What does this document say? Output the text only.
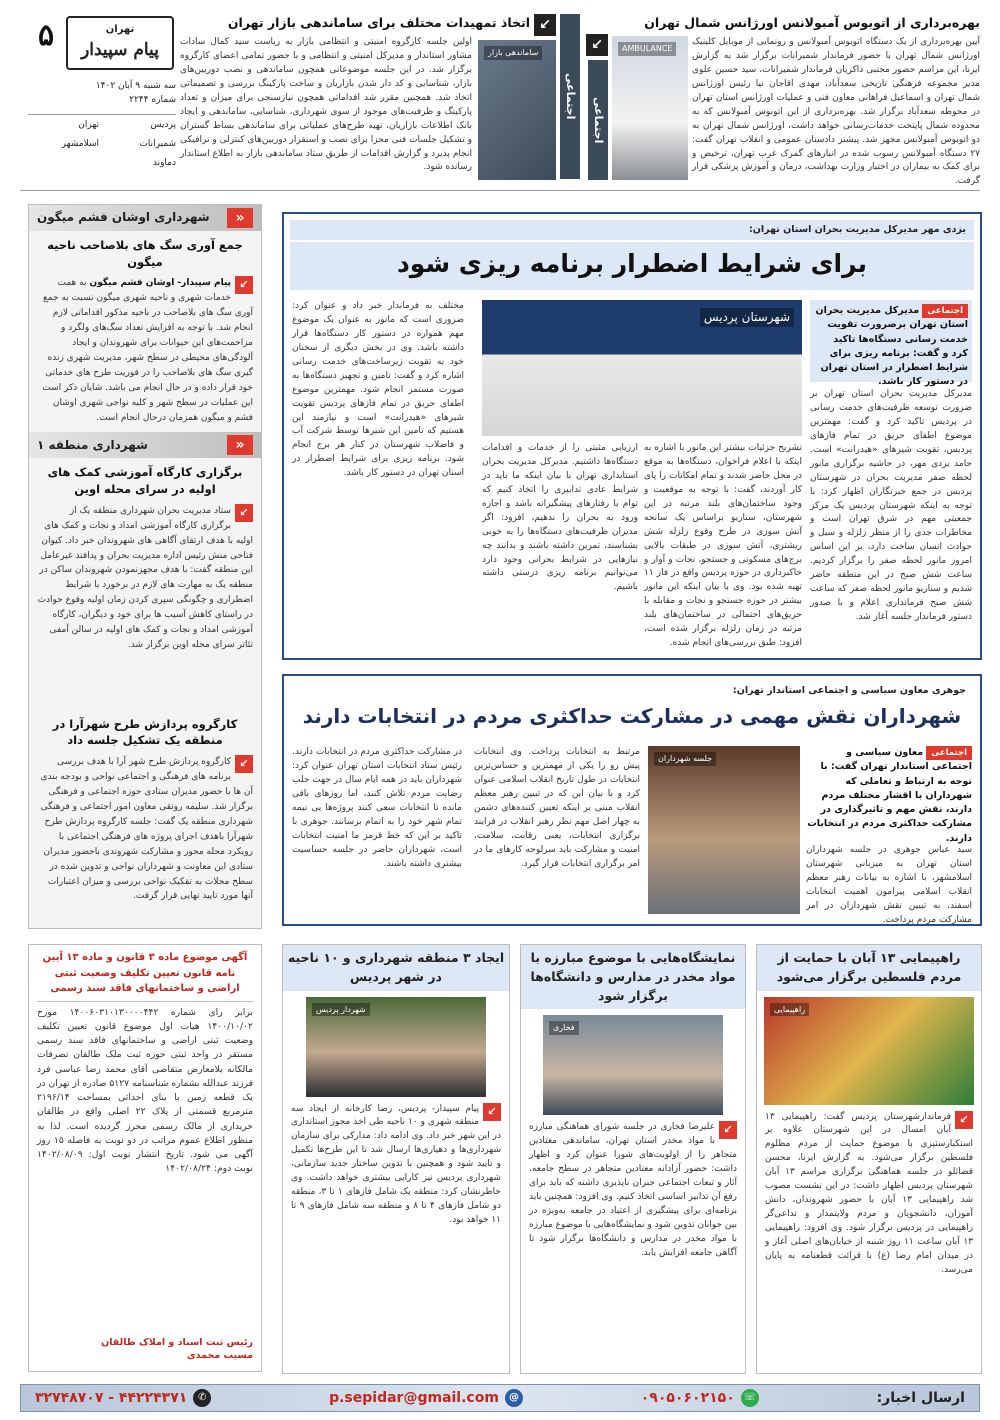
۵	تهران
پیام سپیدار
سه شنبه ۹ آبان ۱۴۰۲
شماره ۲۲۴۴
پردیس
تهران
شمیرانات
اسلامشهر
دماوند
اجتماعی
↙
ساماندهی بازار
اتخاذ تمهیدات مختلف برای ساماندهی بازار تهران
اولین جلسه کارگروه امنیتی و انتظامی بازار به ریاست سید کمال سادات مشاور استاندار و مدیرکل امنیتی و انتظامی و با حضور تمامی اعضای کارگروه برگزار شد. در این جلسه موضوعاتی همچون ساماندهی و نصب دوربین‌های بازار، شناسایی و کد دار شدن بازاریان و ساخت پارکینگ بررسی و تصمیماتی اتخاذ شد. همچنین مقرر شد اقداماتی همچون نیازسنجی برای میزان و تعداد پارکینگ و ظرفیت‌های موجود از سوی شهرداری، شناسایی، ساماندهی و ایجاد بانک اطلاعات بازاریان، تهیه طرح‌های عملیاتی برای ساماندهی بساط گستران و تشکیل جلسات فنی مجزا برای نصب و استقرار دوربین‌های کنترلی و ترافیکی انجام پذیرد و گزارش اقدامات از طریق ستاد ساماندهی بازار به اطلاع استاندار رسانده شود.
بهره‌برداری از اتوبوس آمبولانس اورژانس شمال تهران
↙
اجتماعی
AMBULANCE
آیین بهره‌برداری از یک دستگاه اتوبوس آمبولانس و رونمایی از موبایل کلینیک اورژانس شمال تهران با حضور فرماندار شمیرانات برگزار شد به گزارش ایرنا، این مراسم حضور مجتبی ذاکریان فرماندار شمیرانات، سید حسین علوی مدیر مجموعه فرهنگی تاریخی سعدآباد، مهدی اقاجان نیا رئیس اورژانس شمال تهران و اسماعیل فراهانی معاون فنی و عملیات اورژانس استان تهران در محوطه سعدآباد برگزار شد. بهره‌برداری از این اتوبوس آمبولانس که به محدوده شمال پایتخت خدمات‌رسانی خواهد داشت، اورژانس شمال تهران به دو اتوبوس آمبولانس مجهز شد. پیشتر دادستان عمومی و انقلاب تهران گفت: ۲۷ دستگاه آمبولانس رسوب شده در انبارهای گمرک غرب تهران، ترخیص و برای کمک به بیماران در اختیار وزارت بهداشت، درمان و آموزش پزشکی قرار گرفت.
«
شهرداری اوشان فشم میگون
جمع آوری سگ های بلاصاحب ناحیه میگون
↙
پیام سپیدار- اوشان فشم میگون به همت خدمات شهری و ناحیه شهری میگون نسبت به جمع آوری سگ های بلاصاحب در ناحیه مذکور اقداماتی لازم انجام شد. با توجه به افزایش تعداد سگ‌های ولگرد و مزاحمت‌های این حیوانات برای شهروندان و ایجاد آلودگی‌های محیطی در سطح شهر، مدیریت شهری زنده گیری سگ های بلاصاحب را در فوریت طرح های خدماتی خود قرار داده و در حال انجام می باشد. شایان ذکر است این عملیات در سطح شهر و کلیه نواحی شهری اوشان فشم و میگون همزمان درحال انجام است.
«
شهرداری منطقه ۱
برگزاری کارگاه آموزشی کمک های اولیه در سرای محله اوین
↙
ستاد مدیریت بحران شهرداری منطقه یک از برگزاری کارگاه آموزشی امداد و نجات و کمک های اولیه با هدف ارتقای آگاهی های شهروندان خبر داد. کیوان فتاحی منش رئیس اداره مدیریت بحران و پدافند غیرعامل این منطقه گفت: با هدف مجهزنمودن شهروندان ساکن در منطقه یک به مهارت های لازم در برخورد با شرایط اضطراری و چگونگی سپری کردن زمان اولیه وقوع حوادث در راستای کاهش آسیب ها برای خود و دیگران، کارگاه آموزشی امداد و نجات و کمک های اولیه در سالن آمفی تئاتر سرای محله اوین برگزار شد.
کارگروه پردازش طرح شهرآرا در منطقه یک تشکیل جلسه داد
↙
کارگروه پردازش طرح شهر آرا با هدف بررسی برنامه های فرهنگی و اجتماعی نواحی و بودجه بندی آن ها با حضور مدیران ستادی حوزه اجتماعی و فرهنگی برگزار شد. سلیمه رونقی معاون امور اجتماعی و فرهنگی شهرداری منطقه یک گفت: جلسه کارگروه پردازش طرح شهرآرا باهدف اجرای پروژه های فرهنگی اجتماعی با رویکرد محله محور و مشارکت شهروندی باحضور مدیران ستادی این معاونت و شهرداران نواحی و تدوین شده در سطح محلات به تفکیک نواحی بررسی و میزان اعتبارات آنها مورد تایید نهایی قرار گرفت.
یزدی مهر مدیرکل مدیریت بحران استان تهران:
برای شرایط اضطرار برنامه ریزی شود
اجتماعی مدیرکل مدیریت بحران استان تهران برضرورت تقویت خدمت رسانی دستگاه‌ها تاکید کرد و گفت: برنامه ریزی برای شرایط اضطرار در استان تهران در دستور کار باشد.
شهرستان پردیس
مدیرکل مدیریت بحران استان تهران بر ضرورت توسعه ظرفیت‌های خدمت رسانی در پردیس تاکید کرد و گفت: مهمترین موضوع اطفای حریق در تمام فازهای پردیس، تقویت شیرهای «هیدرانت» است. حامد یزدی مهر، در حاشیه برگزاری مانور لحظه صفر مدیریت بحران در شهرستان پردیس در جمع خبرنگاران اظهار کرد: با توجه به اینکه شهرستان پردیس یک مرکز جمعیتی مهم در شرق تهران است و مخاطرات جدی را از منظر زلزله و سیل و حوادث انسان ساخت دارد، بر این اساس امروز مانور لحظه صفر را برگزار کردیم. ساعت شش صبح در این منطقه حاضر شدیم و سناریو مانور لحظه صفر که ساعت شش صبح فرمانداری اعلام و با صدور دستور فرماندار جلسه آغاز شد.
تشریح جزئیات بیشتر این مانور با اشاره به اینکه با اعلام فراخوان، دستگاه‌ها به موقع در محل حاضر شدند و تمام امکانات را پای کار آوردند، گفت: با توجه به موقعیت و وجود ساختمان‌های بلند مرتبه در این شهرستان، سناریو براساس یک سانحه آتش سوزی در طرح وقوع زلزله شش ریشتری، آتش سوزی در طبقات بالایی برج‌های مسکونی و جستجو، نجات و آوار و خاکبرداری در حوزه پردیس واقع در فاز ۱۱ تهیه شده بود. وی با بیان اینکه این مانور بیشتر در حوزه جستجو و نجات و مقابله با حریق‌های احتمالی در ساختمان‌های بلند مرتبه در زمان زلزله برگزار شده است، افزود: طبق بررسی‌های انجام شده.
ارزیابی مثبتی را از خدمات و اقدامات دستگاه‌ها داشتیم. مدیرکل مدیریت بحران استانداری تهران با بیان اینکه ما باید در شرایط عادی تدابیری را اتخاذ کنیم که توام با رفتارهای پیشگیرانه باشد و اجازه ورود به بحران را ندهیم، افزود: اگر مدیران ظرفیت‌های دستگاه‌ها را به خوبی بشناسند، تمرین داشته باشند و بدانند چه نیازهایی در شرایط بحرانی وجود دارد می‌توانیم برنامه ریزی درستی داشته باشیم.
مختلف به فرماندار خبر داد و عنوان کرد: ضروری است که مانور به عنوان یک موضوع مهم همواره در دستور کار دستگاه‌ها قرار داشته باشد. وی در بخش دیگری از سخنان خود به تقویت زیرساخت‌های خدمت رسانی اشاره کرد و گفت: تامین و تجهیز دستگاه‌ها به صورت مستمر انجام شود. مهمترین موضوع اطفای حریق در تمام فازهای پردیس تقویت شیرهای «هیدرانت» است و نیازمند این هستیم که تامین این شیرها توسط شرکت آب و فاضلاب شهرستان در کنار هر برج انجام شود. برنامه ریزی برای شرایط اضطرار در استان تهران در دستور کار باشد.
جوهری معاون سیاسی و اجتماعی استاندار تهران:
شهرداران نقش مهمی در مشارکت حداکثری مردم در انتخابات دارند
اجتماعی معاون سیاسی و اجتماعی استاندار تهران گفت: با توجه به ارتباط و تعاملی که شهرداران با اقشار مختلف مردم دارند، نقش مهم و تاثیرگذاری در مشارکت حداکثری مردم در انتخابات دارند.
سید عباس جوهری در جلسه شهرداران استان تهران به میزبانی شهرستان اسلامشهر، با اشاره به بیانات رهبر معظم انقلاب اسلامی پیرامون اهمیت انتخابات اسفند، به تبیین نقش شهرداران در امر مشارکت مردم پرداخت.
جلسه شهرداران
مرتبط به انتخابات پرداخت. وی انتخابات پیش رو را یکی از مهمترین و حساس‌ترین انتخابات در طول تاریخ انقلاب اسلامی عنوان کرد و با بیان این که در تبیین رهبر معظم انقلاب مبنی بر اینکه تعیین کننده‌های دشمن به چهار اصل مهم نظر رهبر انقلاب در فرایند برگزاری انتخابات، یعنی رقابت، سلامت، امنیت و مشارکت باید سرلوحه کار‌های ما در امر برگزاری انتخابات قرار گیرد.
در مشارکت حداکثری مردم در انتخابات دارند. رئیس ستاد انتخابات استان تهران عنوان کرد: شهرداران باید در همه ایام سال در جهت جلب رضایت مردم تلاش کنند، اما روزهای باقی مانده تا انتخابات سعی کنند پروژه‌ها یی نیمه تمام شهر خود را به اتمام برسانند. جوهری با تاکید بر این که خط قرمز ما امنیت انتخابات است، شهرداران حاضر در جلسه حساسیت بیشتری داشته باشند.
آگهی موضوع ماده ۳ قانون و ماده ۱۳ آیین نامه قانون تعیین تکلیف وضعیت ثبتی اراضی و ساختمانهای فاقد سند رسمی
برابر رای شماره ۱۴۰۰۶۰۳۱۰۱۳۰۰۰۰۴۴۲ مورخ ۱۴۰۰/۱۰/۰۲ هیات اول موضوع قانون تعیین تکلیف وضعیت ثبتی اراضی و ساختمانهای فاقد سند رسمی مستقر در واحد ثبتی حوزه ثبت ملک طالقان تصرفات مالکانه بلامعارض متقاضی آقای محمد رضا عباسی فرد فرزند عبدالله بشماره شناسنامه ۵۱۲۷ صادره از تهران در یک قطعه زمین با بنای احداثی بمساحت ۲۱۹۶/۱۴ مترمربع قسمتی از پلاک ۲۲ اصلی واقع در طالقان خریداری از مالک رسمی محرز گردیده است. لذا به منظور اطلاع عموم مراتب در دو نوبت به فاصله ۱۵ روز آگهی می شود. تاریخ انتشار نوبت اول: ۱۴۰۲/۰۸/۰۹ نوبت دوم: ۱۴۰۲/۰۸/۲۴
رئیس ثبت اسناد و املاک طالقان
مسیب محمدی
راهپیمایی ۱۳ آبان با حمایت از مردم فلسطین برگزار می‌شود
راهپیمایی
↙
فرماندارشهرستان پردیس گفت: راهپیمایی ۱۳ آبان امسال در این شهرستان علاوه بر استکبارستیزی با موضوع حمایت از مردم مظلوم فلسطین برگزار می‌شود. به گزارش ایرنا، محسن قضائلو در جلسه هماهنگی برگزاری مراسم ۱۳ آبان شهرستان پردیس اظهار داشت: در این نشست مصوب شد راهپیمایی ۱۳ آبان با حضور شهروندان، دانش آموزان، دانشجویان و مردم ولایتمدار و تداعی‌گر راهپیمایی در پردیس برگزار شود. وی افزود: راهپیمایی ۱۳ آبان ساعت ۱۱ روز شنبه از خیابان‌های اصلی آغاز و در میدان امام رضا (ع) با قرائت قطعنامه به پایان می‌رسد.
نمایشگاه‌هایی با موضوع مبارزه با مواد مخدر در مدارس و دانشگاه‌ها برگزار شود
فخاری
↙
علیرضا فخاری در جلسه شورای هماهنگی مبارزه با مواد مخدر استان تهران، ساماندهی معتادین متجاهر را از اولویت‌های شورا عنوان کرد و اظهار داشت: حضور آزادانه معتادین متجاهر در سطح جامعه، آثار و تبعات اجتماعی جبران ناپذیری داشته که باید برای رفع آن تدابیر اساسی اتخاذ کنیم. وی افزود: همچنین باید برنامه‌ای برای پیشگیری از اعتیاد در جامعه به‌ویژه در بین جوانان تدوین شود و نمایشگاه‌هایی با موضوع مبارزه با مواد مخدر در مدارس و دانشگاه‌ها برگزار شود تا آگاهی جامعه افزایش یابد.
ایجاد ۳ منطقه شهرداری و ۱۰ ناحیه در شهر پردیس
شهردار پردیس
↙
پیام سپیدار- پردیس، رضا کارخانه از ایجاد سه منطقه شهری و ۱۰ ناحیه طی اخذ مجوز استانداری در این شهر خبر داد. وی ادامه داد: مدارکی برای سازمان شهرداری‌ها و دهیاری‌ها ارسال شد تا این طرح‌ها تکمیل و تایید شود و همچنین با تدوین ساختار جدید سازمانی، شهرداری پردیس نیز کارایی بیشتری خواهد داشت. وی خاطرنشان کرد: منطقه یک شامل فازهای ۱ تا ۳، منطقه دو شامل فازهای ۴ تا ۸ و منطقه سه شامل فازهای ۹ تا ۱۱ خواهد بود.
ارسال اخبار:
☏
۰۹۰۵۰۶۰۲۱۵۰
@
p.sepidar@gmail.com
✆
۴۴۲۲۴۳۷۱ - ۳۲۷۴۸۷۰۷
